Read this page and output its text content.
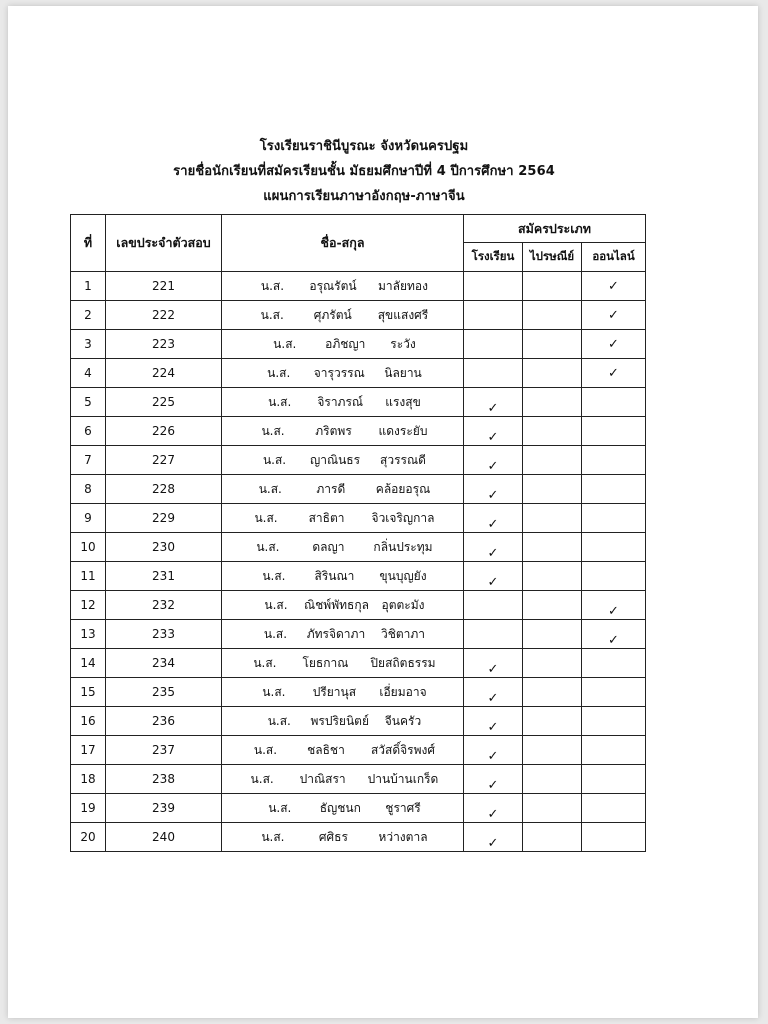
โรงเรียนราชินีบูรณะ จังหวัดนครปฐม
รายชื่อนักเรียนที่สมัครเรียนชั้น มัธยมศึกษาปีที่ 4 ปีการศึกษา 2564
แผนการเรียนภาษาอังกฤษ-ภาษาจีน
ที่	เลขประจำตัวสอบ	ชื่อ-สกุล	สมัครประเภท		
			โรงเรียน	ไปรษณีย์	ออนไลน์
1	221	น.ส. อรุณรัตน์ มาลัยทอง			✓
2	222	น.ส. ศุภรัตน์ สุขแสงศรี			✓
3	223	น.ส. อภิชญา ระวัง			✓
4	224	น.ส. จารุวรรณ นิลยาน			✓
5	225	น.ส. จิราภรณ์ แรงสุข	✓		
6	226	น.ส. ภริตพร แดงระยับ	✓		
7	227	น.ส. ญาณินธร สุวรรณดี	✓		
8	228	น.ส. ภารดี คล้อยอรุณ	✓		
9	229	น.ส. สาธิตา จิวเจริญกาล	✓		
10	230	น.ส. ดลญา กลิ่นประทุม	✓		
11	231	น.ส. สิรินณา ขุนบุญยัง	✓		
12	232	น.ส. ณิชพ์พัทธกุล อุตตะมัง			✓
13	233	น.ส. ภัทรจิดาภา วิชิตาภา			✓
14	234	น.ส. โยธกาณ ปิยสถิตธรรม	✓		
15	235	น.ส. ปรียานุส เอี่ยมอาจ	✓		
16	236	น.ส. พรปริยนิตย์ จีนครัว	✓		
17	237	น.ส. ชลธิชา สวัสดิ์จิรพงศ์	✓		
18	238	น.ส. ปาณิสรา ปานบ้านเกร็ด	✓		
19	239	น.ส. ธัญชนก ชูราศรี	✓		
20	240	น.ส. ศศิธร หว่างตาล	✓		
